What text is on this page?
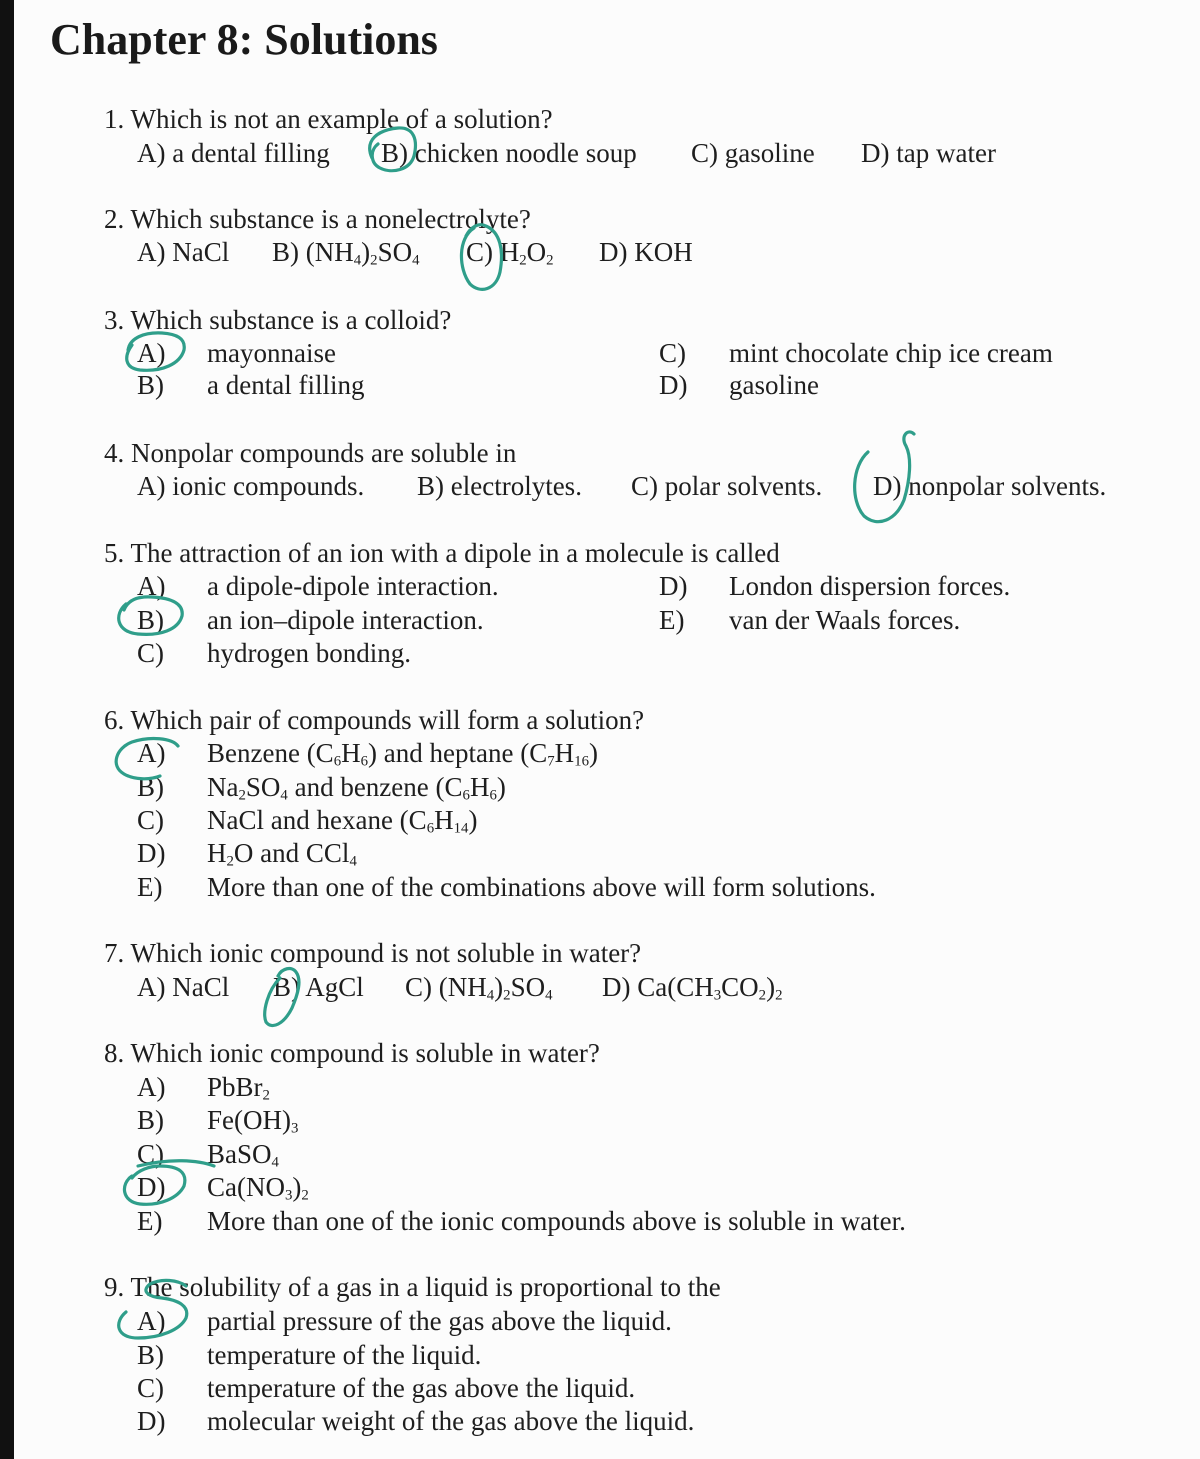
Chapter 8: Solutions
1. Which is not an example of a solution?
A) a dental filling B) chicken noodle soup C) gasoline D) tap water
2. Which substance is a nonelectrolyte?
A) NaCl B) $(NH_4)_2SO_4$ C) $H_2O_2$ D) KOH
3. Which substance is a colloid?
A) mayonnaise
B) a dental filling
C) mint chocolate chip ice cream
D) gasoline
4. Nonpolar compounds are soluble in
A) ionic compounds. B) electrolytes. C) polar solvents. D) nonpolar solvents.
5. The attraction of an ion with a dipole in a molecule is called
A) a dipole-dipole interaction.
B) an ion–dipole interaction.
C) hydrogen bonding.
D) London dispersion forces.
E) van der Waals forces.
6. Which pair of compounds will form a solution?
A) Benzene $(C_6H_6)$ and heptane $(C_7H_{16})$
B) $Na_2SO_4$ and benzene $(C_6H_6)$
C) NaCl and hexane $(C_6H_{14})$
D) $H_2O$ and CCl$_4$
E) More than one of the combinations above will form solutions.
7. Which ionic compound is not soluble in water?
A) NaCl B) AgCl C) $(NH_4)_2SO_4$ D) $Ca(CH_3CO_2)_2$
8. Which ionic compound is soluble in water?
A) PbBr$_2$
B) $Fe(OH)_3$
C) BaSO$_4$
D) $Ca(NO_3)_2$
E) More than one of the ionic compounds above is soluble in water.
9. The solubility of a gas in a liquid is proportional to the
A) partial pressure of the gas above the liquid.
B) temperature of the liquid.
C) temperature of the gas above the liquid.
D) molecular weight of the gas above the liquid.
